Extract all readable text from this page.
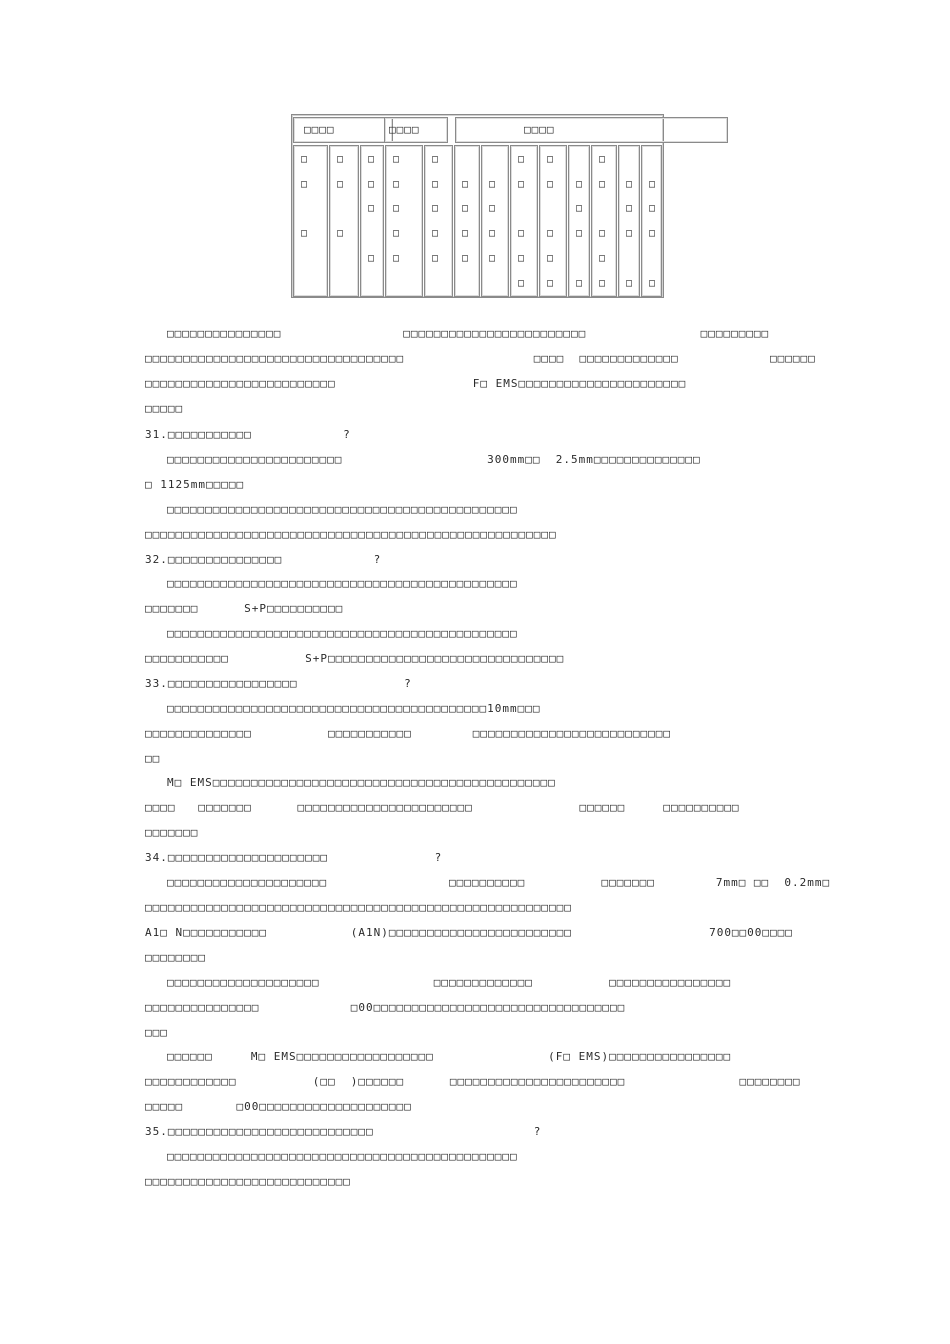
□□□□	□□□□	□□□□
□
□
□
□
□
□
□
□
□
□
□
□
□
□
□
□
□
□
□
□
□
□
□
□
□
□
□
□
□
□
□
□
□
□
□
□
□
□
□
□
□
□
□
□
□
□
□
□
□
□
□
□
□
□
□
□□□□□□□□□□□□□□□                □□□□□□□□□□□□□□□□□□□□□□□□               □□□□□□□□□
□□□□□□□□□□□□□□□□□□□□□□□□□□□□□□□□□□                 □□□□  □□□□□□□□□□□□□            □□□□□□
□□□□□□□□□□□□□□□□□□□□□□□□□                  F□ EMS□□□□□□□□□□□□□□□□□□□□□□
□□□□□
31.□□□□□□□□□□□            ?
□□□□□□□□□□□□□□□□□□□□□□□                   300mm□□  2.5mm□□□□□□□□□□□□□□
□ 1125mm□□□□□
□□□□□□□□□□□□□□□□□□□□□□□□□□□□□□□□□□□□□□□□□□□□□□
□□□□□□□□□□□□□□□□□□□□□□□□□□□□□□□□□□□□□□□□□□□□□□□□□□□□□□
32.□□□□□□□□□□□□□□□            ?
□□□□□□□□□□□□□□□□□□□□□□□□□□□□□□□□□□□□□□□□□□□□□□
□□□□□□□      S+P□□□□□□□□□□
□□□□□□□□□□□□□□□□□□□□□□□□□□□□□□□□□□□□□□□□□□□□□□
□□□□□□□□□□□          S+P□□□□□□□□□□□□□□□□□□□□□□□□□□□□□□□
33.□□□□□□□□□□□□□□□□□              ?
□□□□□□□□□□□□□□□□□□□□□□□□□□□□□□□□□□□□□□□□□□10mm□□□
□□□□□□□□□□□□□□          □□□□□□□□□□□        □□□□□□□□□□□□□□□□□□□□□□□□□□
□□
M□ EMS□□□□□□□□□□□□□□□□□□□□□□□□□□□□□□□□□□□□□□□□□□□□□
□□□□   □□□□□□□      □□□□□□□□□□□□□□□□□□□□□□□              □□□□□□     □□□□□□□□□□
□□□□□□□
34.□□□□□□□□□□□□□□□□□□□□□              ?
□□□□□□□□□□□□□□□□□□□□□                □□□□□□□□□□          □□□□□□□        7mm□ □□  0.2mm□
□□□□□□□□□□□□□□□□□□□□□□□□□□□□□□□□□□□□□□□□□□□□□□□□□□□□□□□□
A1□ N□□□□□□□□□□□           (A1N)□□□□□□□□□□□□□□□□□□□□□□□□                  700□□00□□□□
□□□□□□□□
□□□□□□□□□□□□□□□□□□□□               □□□□□□□□□□□□□          □□□□□□□□□□□□□□□□
□□□□□□□□□□□□□□□            □00□□□□□□□□□□□□□□□□□□□□□□□□□□□□□□□□□
□□□
□□□□□□     M□ EMS□□□□□□□□□□□□□□□□□□               (F□ EMS)□□□□□□□□□□□□□□□□
□□□□□□□□□□□□          (□□  )□□□□□□      □□□□□□□□□□□□□□□□□□□□□□□               □□□□□□□□
□□□□□       □00□□□□□□□□□□□□□□□□□□□□
35.□□□□□□□□□□□□□□□□□□□□□□□□□□□                     ?
□□□□□□□□□□□□□□□□□□□□□□□□□□□□□□□□□□□□□□□□□□□□□□
□□□□□□□□□□□□□□□□□□□□□□□□□□□
